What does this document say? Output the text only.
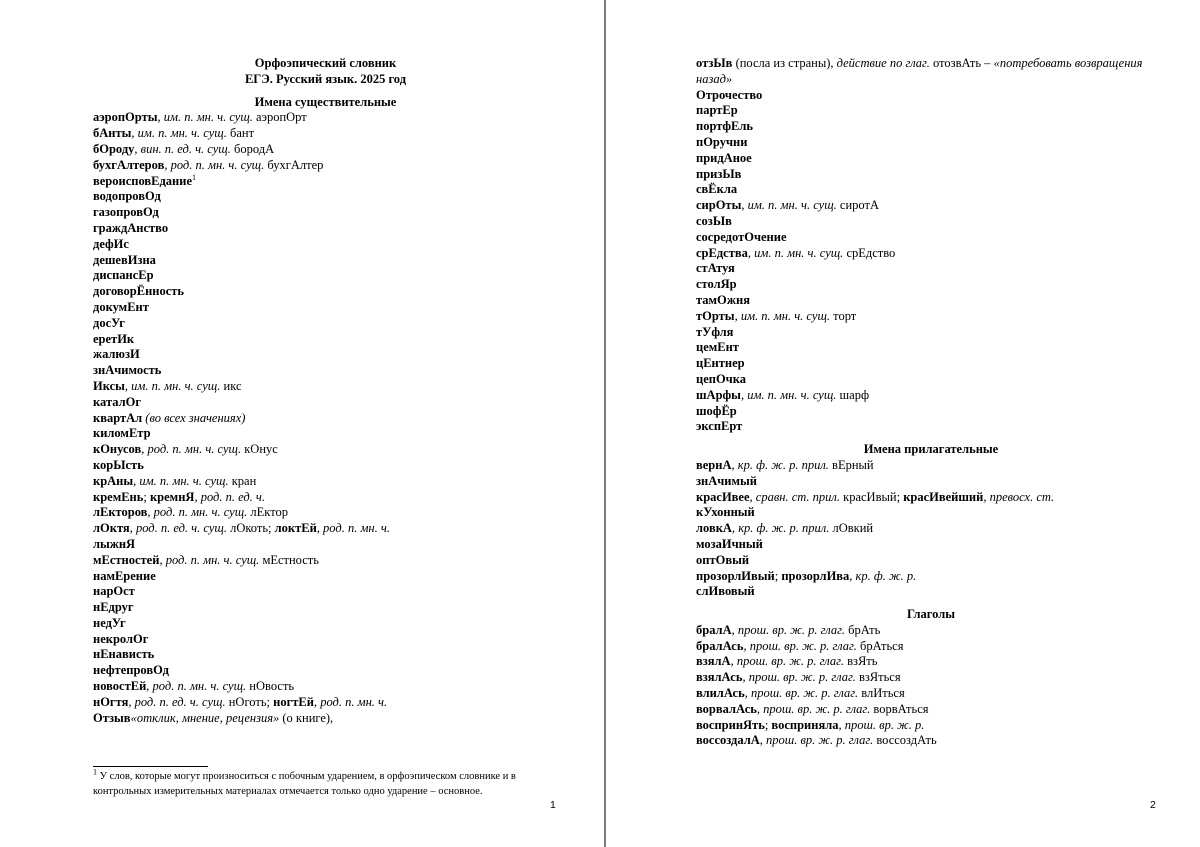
Орфоэпический словник
ЕГЭ. Русский язык. 2025 год
Имена существительные
аэропОрты, им. п. мн. ч. сущ. аэропОрт
бАнты, им. п. мн. ч. сущ. бант
бОроду, вин. п. ед. ч. сущ. бородА
бухгАлтеров, род. п. мн. ч. сущ. бухгАлтер
вероисповЕдание$^1$
водопровОд
газопровОд
граждАнство
дефИс
дешевИзна
диспансЕр
договорЁнность
докумЕнт
досУг
еретИк
жалюзИ
знАчимость
Иксы, им. п. мн. ч. сущ. икс
каталОг
квартАл (во всех значениях)
киломЕтр
кОнусов, род. п. мн. ч. сущ. кОнус
корЫсть
крАны, им. п. мн. ч. сущ. кран
кремЕнь; кремнЯ, род. п. ед. ч.
лЕкторов, род. п. мн. ч. сущ. лЕктор
лОктя, род. п. ед. ч. сущ. лОкоть; локтЕй, род. п. мн. ч.
лыжнЯ
мЕстностей, род. п. мн. ч. сущ. мЕстность
намЕрение
нарОст
нЕдруг
недУг
некролОг
нЕнависть
нефтепровОд
новостЕй, род. п. мн. ч. сущ. нОвость
нОгтя, род. п. ед. ч. сущ. нОготь; ногтЕй, род. п. мн. ч.
Отзыв«отклик, мнение, рецензия» (о книге),
$^1$ У слов, которые могут произноситься с побочным ударением, в орфоэпическом словнике и в контрольных измерительных материалах отмечается только одно ударение – основное.
1
отзЫв (посла из страны), действие по глаг. отозвАть – «потребовать возвращения назад»
Отрочество
партЕр
портфЕль
пОручни
придАное
призЫв
свЁкла
сирОты, им. п. мн. ч. сущ. сиротА
созЫв
сосредотОчение
срЕдства, им. п. мн. ч. сущ. срЕдство
стАтуя
столЯр
тамОжня
тОрты, им. п. мн. ч. сущ. торт
тУфля
цемЕнт
цЕнтнер
цепОчка
шАрфы, им. п. мн. ч. сущ. шарф
шофЁр
экспЕрт
Имена прилагательные
вернА, кр. ф. ж. р. прил. вЕрный
знАчимый
красИвее, сравн. ст. прил. красИвый; красИвейший, превосх. ст.
кУхонный
ловкА, кр. ф. ж. р. прил. лОвкий
мозаИчный
оптОвый
прозорлИвый; прозорлИва, кр. ф. ж. р.
слИвовый
Глаголы
бралА, прош. вр. ж. р. глаг. брАть
бралАсь, прош. вр. ж. р. глаг. брАться
взялА, прош. вр. ж. р. глаг. взЯть
взялАсь, прош. вр. ж. р. глаг. взЯться
влилАсь, прош. вр. ж. р. глаг. влИться
ворвалАсь, прош. вр. ж. р. глаг. ворвАться
воспринЯть; восприняла, прош. вр. ж. р.
воссоздалА, прош. вр. ж. р. глаг. воссоздАть
2
